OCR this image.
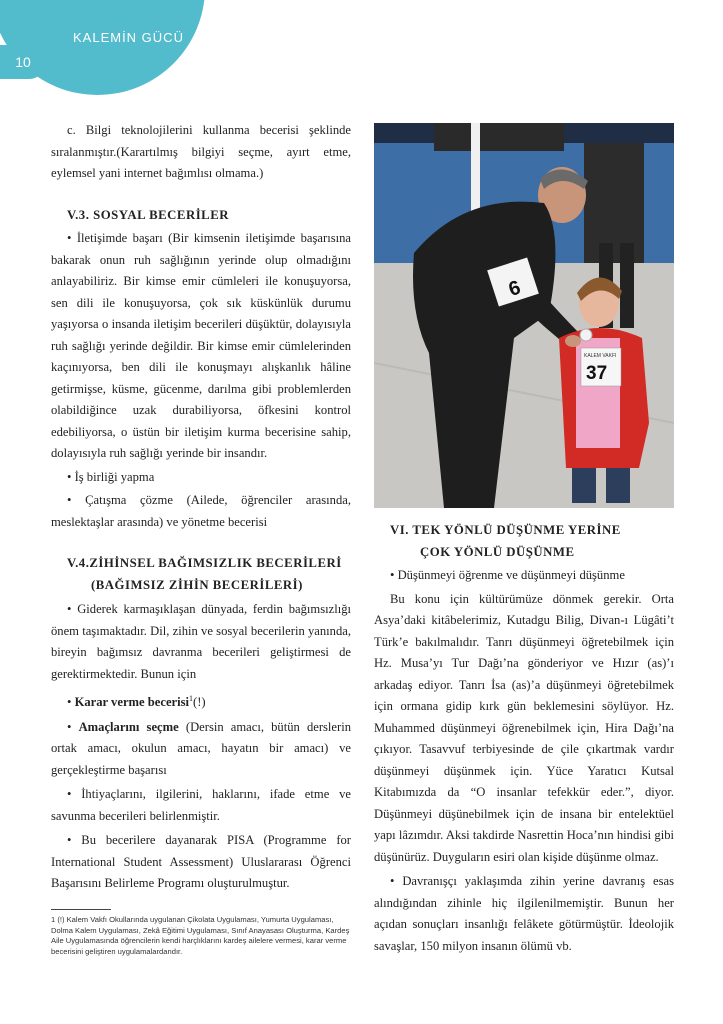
KALEMİN GÜCÜ
10

c. Bilgi teknolojilerini kullanma becerisi şeklinde sıralanmıştır.(Karartılmış bilgiyi seçme, ayırt etme, eylemsel yani internet bağımlısı olmama.)

V.3. SOSYAL BECERİLER

• İletişimde başarı (Bir kimsenin iletişimde başarısına bakarak onun ruh sağlığının yerinde olup olmadığını anlayabiliriz. Bir kimse emir cümleleri ile konuşuyorsa, sen dili ile konuşuyorsa, çok sık küskünlük durumu yaşıyorsa o insanda iletişim becerileri düşüktür, dolayısıyla ruh sağlığı yerinde değildir. Bir kimse emir cümlelerinden kaçınıyorsa, ben dili ile konuşmayı alışkanlık hâline getirmişse, küsme, gücenme, darılma gibi problemlerden olabildiğince uzak durabiliyorsa, öfkesini kontrol edebiliyorsa, o üstün bir iletişim kurma becerisine sahip, dolayısıyla ruh sağlığı yerinde bir insandır.

• İş birliği yapma

• Çatışma çözme (Ailede, öğrenciler arasında, meslektaşlar arasında) ve yönetme becerisi

V.4.ZİHİNSEL BAĞIMSIZLIK BECERİLERİ

(BAĞIMSIZ ZİHİN BECERİLERİ)

• Giderek karmaşıklaşan dünyada, ferdin bağımsızlığı önem taşımaktadır. Dil, zihin ve sosyal becerilerin yanında, bireyin bağımsız davranma becerileri geliştirmesi de gerektirmektedir. Bunun için

• Karar verme becerisi$^1$(!)

• Amaçlarını seçme (Dersin amacı, bütün derslerin ortak amacı, okulun amacı, hayatın bir amacı) ve gerçekleştirme başarısı

• İhtiyaçlarını, ilgilerini, haklarını, ifade etme ve savunma becerileri belirlenmiştir.

• Bu becerilere dayanarak PISA (Programme for International Student Assessment) Uluslararası Öğrenci Başarısını Belirleme Programı oluşturulmuştur.

1 (!) Kalem Vakfı Okullarında uygulanan Çikolata Uygulaması, Yumurta Uygulaması, Dolma Kalem Uygulaması, Zekâ Eğitimi Uygulaması, Sınıf Anayasası Oluşturma, Kardeş Aile Uygulamasında öğrencilerin kendi harçlıklarını kardeş ailelere vermesi, karar verme becerisini geliştiren uygulamalardandır.
6
KALEM VAKFI
37

VI. TEK YÖNLÜ DÜŞÜNME YERİNE

ÇOK YÖNLÜ DÜŞÜNME

• Düşünmeyi öğrenme ve düşünmeyi düşünme

Bu konu için kültürümüze dönmek gerekir. Orta Asya’daki kitâbelerimiz, Kutadgu Bilig, Divan-ı Lügâti’t Türk’e bakılmalıdır. Tanrı düşünmeyi öğretebilmek için Hz. Musa’yı Tur Dağı’na gönderiyor ve Hızır (as)’ı arkadaş ediyor. Tanrı İsa (as)’a düşünmeyi öğretebilmek için ormana gidip kırk gün beklemesini söylüyor. Hz. Muhammed düşünmeyi öğrenebilmek için, Hira Dağı’na çıkıyor. Tasavvuf terbiyesinde de çile çıkartmak vardır düşünmeyi düşünmek için. Yüce Yaratıcı Kutsal Kitabımızda da “O insanlar tefekkür eder.”, diyor. Düşünmeyi düşünebilmek için de insana bir entelektüel yapı lâzımdır. Aksi takdirde Nasrettin Hoca’nın hindisi gibi düşünürüz. Duyguların esiri olan kişide düşünme olmaz.

• Davranışçı yaklaşımda zihin yerine davranış esas alındığından zihinle hiç ilgilenilmemiştir. Bunun her açıdan sonuçları insanlığı felâkete götürmüştür. İdeolojik savaşlar, 150 milyon insanın ölümü vb.
